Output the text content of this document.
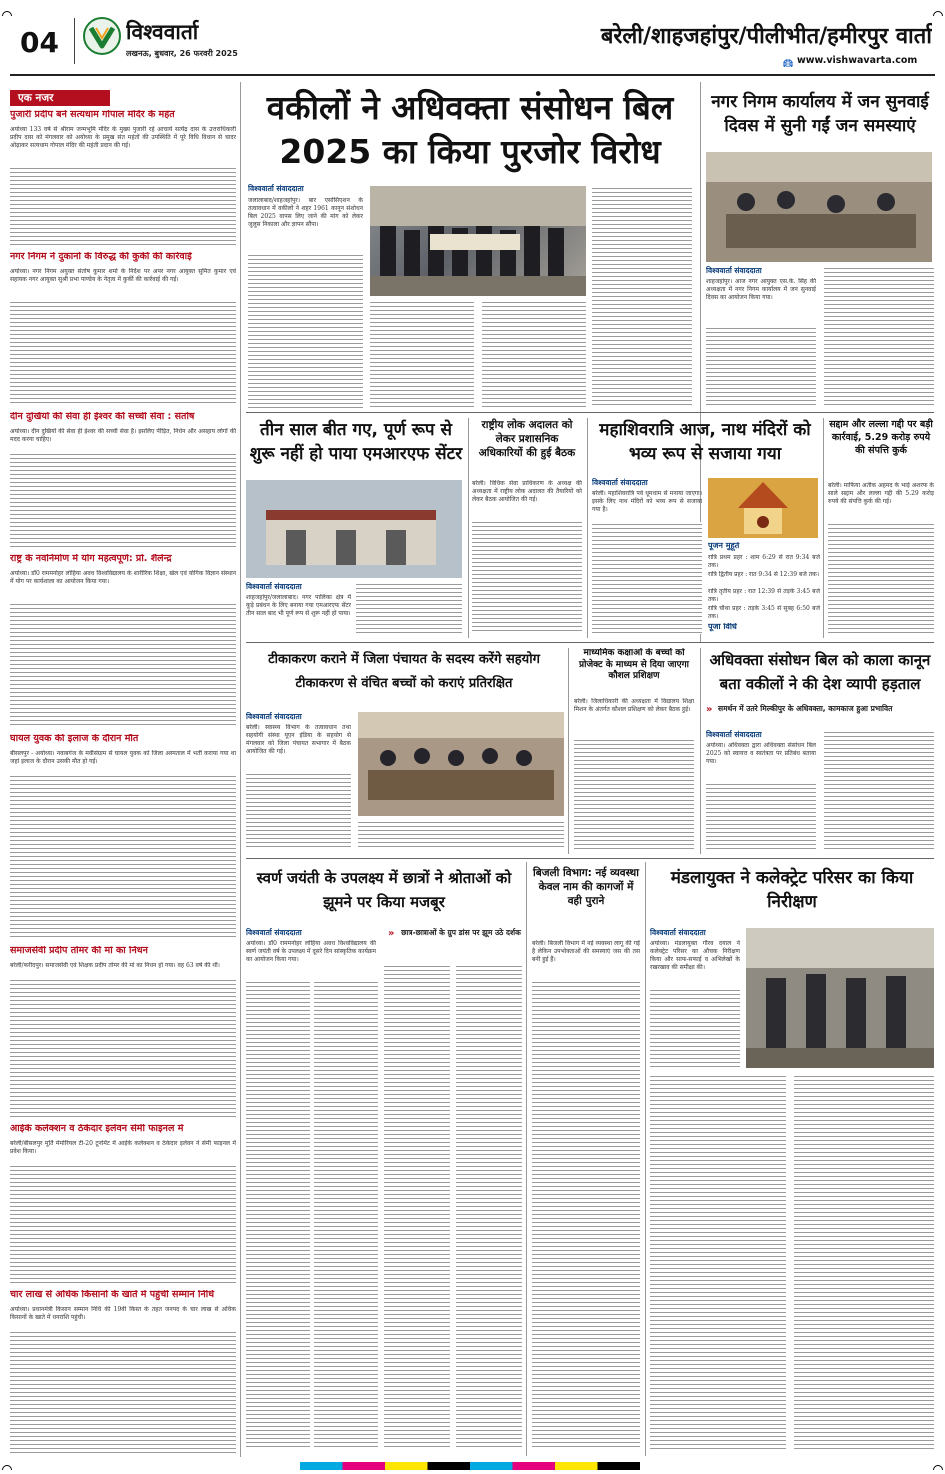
04	विश्ववार्ता
लखनऊ, बुधवार, 26 फरवरी 2025
बरेली/शाहजहांपुर/पीलीभीत/हमीरपुर वार्ता
www.vishwavarta.com
एक नजर
पुजारी प्रदीप बने सत्यधाम गोपाल मंदिर के महंत
अयोध्या 133 वर्ष से श्रीराम जन्मभूमि मंदिर के मुख्य पुजारी रहे आचार्य सत्येंद्र दास के उत्तराधिकारी प्रदीप दास को मंगलवार को अयोध्या के प्रमुख संत महंतों की उपस्थिति में पूरे विधि विधान से चादर ओढ़ाकर सत्यधाम गोपाल मंदिर की महंती प्रदान की गई।
नगर निगम ने दुकानों के विरुद्ध की कुर्की की कार्रवाई
अयोध्या। नगर निगम अयुक्त संतोष कुमार शर्मा के निर्देश पर अपर नगर आयुक्त सुमित कुमार एवं सहायक नगर आयुक्त सुश्री प्रभा पाण्डेय के नेतृत्व में कुर्की की कार्रवाई की गई।
दीन दुखियों की सेवा ही ईश्वर की सच्ची सेवा : संतोष
अयोध्या। दीन दुखियों की सेवा ही ईश्वर की सच्ची सेवा है। इसलिए पीड़ित, निर्धन और असहाय लोगों की मदद करना चाहिए।
राष्ट्र के नवनिर्माण में योग महत्वपूर्ण: प्रो. शैलेन्द्र
अयोध्या। डॉ0 राममनोहर लोहिया अवध विश्वविद्यालय के शारीरिक शिक्षा, खेल एवं योगिक विज्ञान संस्थान में योग पर कार्यशाला का आयोजन किया गया।
घायल युवक की इलाज के दौरान मौत
बीसलपुर - अयोध्या। नवाबगंज के मवीसंग्राम से घायल युवक को जिला अस्पताल में भर्ती कराया गया था जहां इलाज के दौरान उसकी मौत हो गई।
समाजसेवी प्रदीप तोमर की मां का निधन
बरेली/फरीदपुर। समाजसेवी एवं शिक्षक प्रदीप तोमर की मां का निधन हो गया। वह 63 वर्ष की थीं।
आईके कलेक्शन व ठेकेदार इलेवन सेमी फाइनल में
बरेली/बीसलपुर मूर्ति मेमोरियल टी-20 टूर्नामेंट में आईके कलेक्शन व ठेकेदार इलेवन ने सेमी फाइनल में प्रवेश किया।
चार लाख से अधिक किसानों के खाते में पहुंची सम्मान निधि
अयोध्या। प्रधानमंत्री किसान सम्मान निधि की 19वीं किस्त के तहत जनपद के चार लाख से अधिक किसानों के खाते में धनराशि पहुंची।
वकीलों ने अधिवक्ता संसोधन बिल 2025 का किया पुरजोर विरोध
विश्ववार्ता संवाददाता
जलालाबाद/शाहजहांपुर। बार एसोसिएशन के तत्वावधान में वकीलों ने शहर 1961 कानून संशोधन बिल 2025 वापस लिए जाने की मांग को लेकर जुलूस निकाला और ज्ञापन सौंपा।
नगर निगम कार्यालय में जन सुनवाई दिवस में सुनी गईं जन समस्याएं
विश्ववार्ता संवाददाता
शाहजहांपुर। आज नगर आयुक्त एस.के. सिंह की अध्यक्षता में नगर निगम कार्यालय में जन सुनवाई दिवस का आयोजन किया गया।
तीन साल बीत गए, पूर्ण रूप से शुरू नहीं हो पाया एमआरएफ सेंटर
विश्ववार्ता संवाददाता
शाहजहांपुर/जलालाबाद। नगर पालिका क्षेत्र में कूड़े प्रबंधन के लिए बनाया गया एमआरएफ सेंटर तीन साल बाद भी पूर्ण रूप से शुरू नहीं हो पाया।
राष्ट्रीय लोक अदालत को लेकर प्रशासनिक अधिकारियों की हुई बैठक
बरेली। विधिक सेवा प्राधिकरण के अध्यक्ष की अध्यक्षता में राष्ट्रीय लोक अदालत की तैयारियों को लेकर बैठक आयोजित की गई।
महाशिवरात्रि आज, नाथ मंदिरों को भव्य रूप से सजाया गया
विश्ववार्ता संवाददाता
बरेली। महाशिवरात्रि पर्व धूमधाम से मनाया जाएगा। इसके लिए नाथ मंदिरों को भव्य रूप से सजाया गया है।
पूजन मुहूर्त
रात्रि प्रथम प्रहर : शाम 6:29 से रात 9:34 बजे तक।
रात्रि द्वितीय प्रहर : रात 9:34 से 12:39 बजे तक।
रात्रि तृतीय प्रहर : रात 12:39 से तड़के 3:45 बजे तक।
रात्रि चौथा प्रहर : तड़के 3:45 से सुबह 6:50 बजे तक।
पूजा विधि
सद्दाम और लल्ला गद्दी पर बड़ी कार्रवाई, 5.29 करोड़ रुपये की संपत्ति कुर्क
बरेली। माफिया अतीक अहमद के भाई अशरफ के साले सद्दाम और लल्ला गद्दी की 5.29 करोड़ रुपये की संपत्ति कुर्क की गई।
टीकाकरण कराने में जिला पंचायत के सदस्य करेंगे सहयोग टीकाकरण से वंचित बच्चों को कराएं प्रतिरक्षित
विश्ववार्ता संवाददाता
बरेली। स्वास्थ्य विभाग के तत्वावधान तथा सहयोगी संस्था यूएन इंडिया के सहयोग से मंगलवार को जिला पंचायत सभागार में बैठक आयोजित की गई।
माध्यमिक कक्षाओं के बच्चों को प्रोजेक्ट के माध्यम से दिया जाएगा कौशल प्रशिक्षण
बरेली। जिलाधिकारी की अध्यक्षता में विद्यालय शिक्षा मिशन के अंतर्गत कौशल प्रशिक्षण को लेकर बैठक हुई।
अधिवक्ता संसोधन बिल को काला कानून बता वकीलों ने की देश व्यापी हड़ताल
» समर्थन में उतरे मिल्कीपुर के अधिवक्ता, कामकाज हुआ प्रभावित
विश्ववार्ता संवाददाता
अयोध्या। अधिवक्ता द्वारा अधिवक्ता संसोधन बिल 2025 को स्वायत्त व स्वतंत्रता पर प्रतिबंध बताया गया।
स्वर्ण जयंती के उपलक्ष्य में छात्रों ने श्रोताओं को झूमने पर किया मजबूर
» छात्र-छात्राओं के ग्रुप डांस पर झूम उठे दर्शक
विश्ववार्ता संवाददाता
अयोध्या। डॉ0 राममनोहर लोहिया अवध विश्वविद्यालय की स्वर्ण जयंती वर्ष के उपलक्ष्य में दूसरे दिन सांस्कृतिक कार्यक्रम का आयोजन किया गया।
बिजली विभाग: नई व्यवस्था केवल नाम की कागजों में वही पुराने
बरेली। बिजली विभाग में नई व्यवस्था लागू की गई है लेकिन उपभोक्ताओं की समस्याएं जस की तस बनी हुई हैं।
मंडलायुक्त ने कलेक्ट्रेट परिसर का किया निरीक्षण
विश्ववार्ता संवाददाता
अयोध्या। मंडलायुक्त गौरव दयाल ने कलेक्ट्रेट परिसर का औचक निरीक्षण किया और साफ-सफाई व अभिलेखों के रखरखाव की समीक्षा की।
